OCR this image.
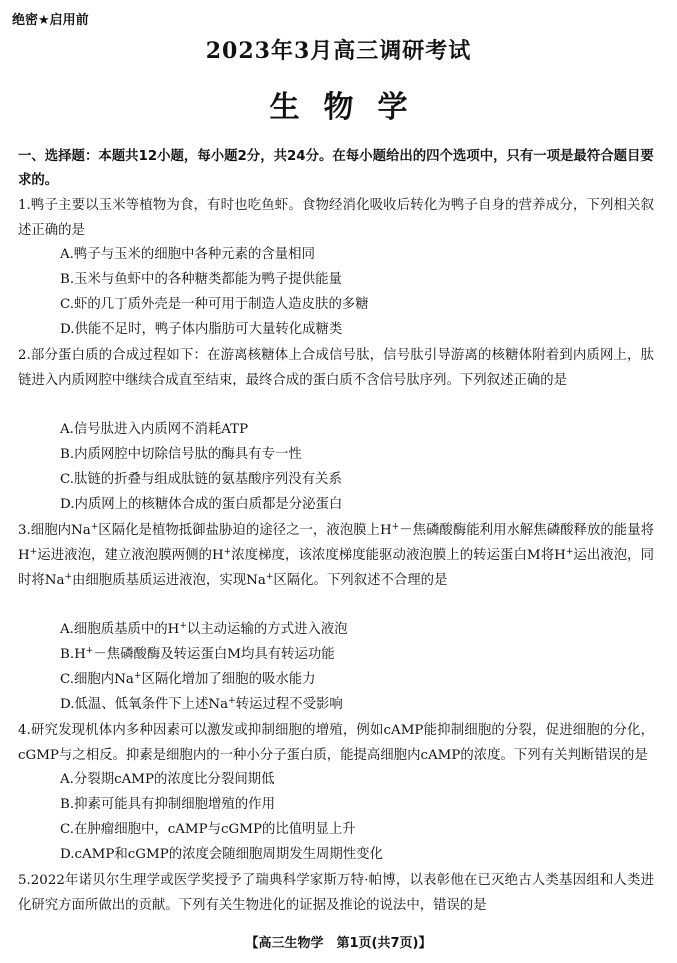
绝密★启用前
2023年3月高三调研考试
生物学
一、选择题：本题共12小题，每小题2分，共24分。在每小题给出的四个选项中，只有一项是最符合题目要求的。
1.鸭子主要以玉米等植物为食，有时也吃鱼虾。食物经消化吸收后转化为鸭子自身的营养成分，下列相关叙述正确的是
A.鸭子与玉米的细胞中各种元素的含量相同
B.玉米与鱼虾中的各种糖类都能为鸭子提供能量
C.虾的几丁质外壳是一种可用于制造人造皮肤的多糖
D.供能不足时，鸭子体内脂肪可大量转化成糖类
2.部分蛋白质的合成过程如下：在游离核糖体上合成信号肽，信号肽引导游离的核糖体附着到内质网上，肽链进入内质网腔中继续合成直至结束，最终合成的蛋白质不含信号肽序列。下列叙述正确的是
A.信号肽进入内质网不消耗ATP
B.内质网腔中切除信号肽的酶具有专一性
C.肽链的折叠与组成肽链的氨基酸序列没有关系
D.内质网上的核糖体合成的蛋白质都是分泌蛋白
3.细胞内Na+区隔化是植物抵御盐胁迫的途径之一，液泡膜上H+－焦磷酸酶能利用水解焦磷酸释放的能量将H+运进液泡，建立液泡膜两侧的H+浓度梯度，该浓度梯度能驱动液泡膜上的转运蛋白M将H+运出液泡，同时将Na+由细胞质基质运进液泡，实现Na+区隔化。下列叙述不合理的是
A.细胞质基质中的H+以主动运输的方式进入液泡
B.H+－焦磷酸酶及转运蛋白M均具有转运功能
C.细胞内Na+区隔化增加了细胞的吸水能力
D.低温、低氧条件下上述Na+转运过程不受影响
4.研究发现机体内多种因素可以激发或抑制细胞的增殖，例如cAMP能抑制细胞的分裂，促进细胞的分化，cGMP与之相反。抑素是细胞内的一种小分子蛋白质，能提高细胞内cAMP的浓度。下列有关判断错误的是
A.分裂期cAMP的浓度比分裂间期低
B.抑素可能具有抑制细胞增殖的作用
C.在肿瘤细胞中，cAMP与cGMP的比值明显上升
D.cAMP和cGMP的浓度会随细胞周期发生周期性变化
5.2022年诺贝尔生理学或医学奖授予了瑞典科学家斯万特·帕博，以表彰他在已灭绝古人类基因组和人类进化研究方面所做出的贡献。下列有关生物进化的证据及推论的说法中，错误的是
【高三生物学　第1页(共7页)】
